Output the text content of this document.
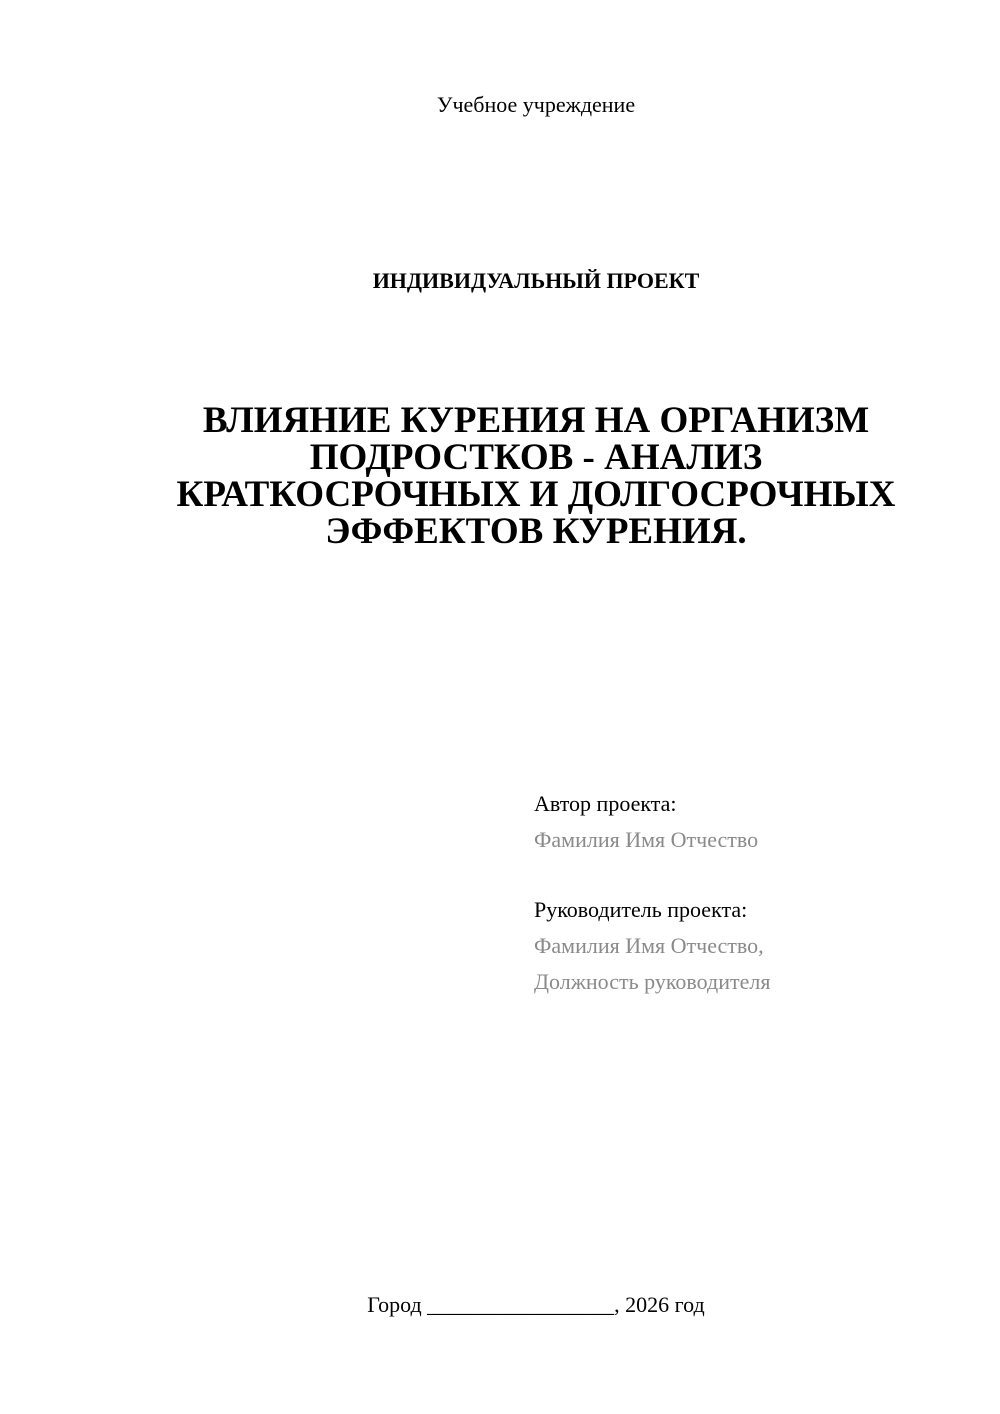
Учебное учреждение
ИНДИВИДУАЛЬНЫЙ ПРОЕКТ
ВЛИЯНИЕ КУРЕНИЯ НА ОРГАНИЗМ
ПОДРОСТКОВ - АНАЛИЗ
КРАТКОСРОЧНЫХ И ДОЛГОСРОЧНЫХ
ЭФФЕКТОВ КУРЕНИЯ.
Автор проекта:
Фамилия Имя Отчество
Руководитель проекта:
Фамилия Имя Отчество,
Должность руководителя
Город _________________, 2026 год
